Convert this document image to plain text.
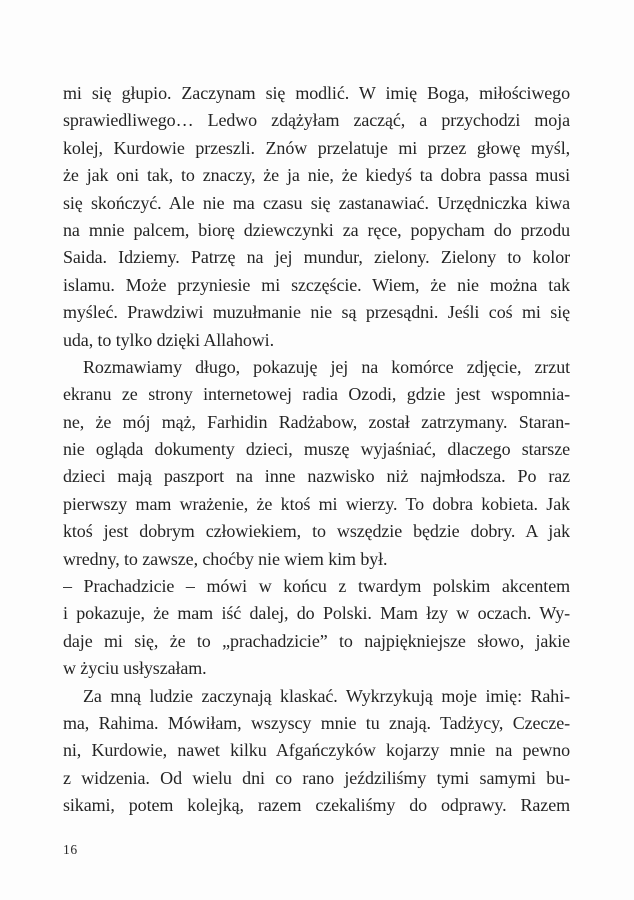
mi się głupio. Zaczynam się modlić. W imię Boga, miłościwego
sprawiedliwego… Ledwo zdążyłam zacząć, a przychodzi moja
kolej, Kurdowie przeszli. Znów przelatuje mi przez głowę myśl,
że jak oni tak, to znaczy, że ja nie, że kiedyś ta dobra passa musi
się skończyć. Ale nie ma czasu się zastanawiać. Urzędniczka kiwa
na mnie palcem, biorę dziewczynki za ręce, popycham do przodu
Saida. Idziemy. Patrzę na jej mundur, zielony. Zielony to kolor
islamu. Może przyniesie mi szczęście. Wiem, że nie można tak
myśleć. Prawdziwi muzułmanie nie są przesądni. Jeśli coś mi się
uda, to tylko dzięki Allahowi.
Rozmawiamy długo, pokazuję jej na komórce zdjęcie, zrzut
ekranu ze strony internetowej radia Ozodi, gdzie jest wspomnia-
ne, że mój mąż, Farhidin Radżabow, został zatrzymany. Staran-
nie ogląda dokumenty dzieci, muszę wyjaśniać, dlaczego starsze
dzieci mają paszport na inne nazwisko niż najmłodsza. Po raz
pierwszy mam wrażenie, że ktoś mi wierzy. To dobra kobieta. Jak
ktoś jest dobrym człowiekiem, to wszędzie będzie dobry. A jak
wredny, to zawsze, choćby nie wiem kim był.
– Prachadzicie – mówi w końcu z twardym polskim akcentem
i pokazuje, że mam iść dalej, do Polski. Mam łzy w oczach. Wy-
daje mi się, że to „prachadzicie” to najpiękniejsze słowo, jakie
w życiu usłyszałam.
Za mną ludzie zaczynają klaskać. Wykrzykują moje imię: Rahi-
ma, Rahima. Mówiłam, wszyscy mnie tu znają. Tadżycy, Czecze-
ni, Kurdowie, nawet kilku Afgańczyków kojarzy mnie na pewno
z widzenia. Od wielu dni co rano jeździliśmy tymi samymi bu-
sikami, potem kolejką, razem czekaliśmy do odprawy. Razem
16
